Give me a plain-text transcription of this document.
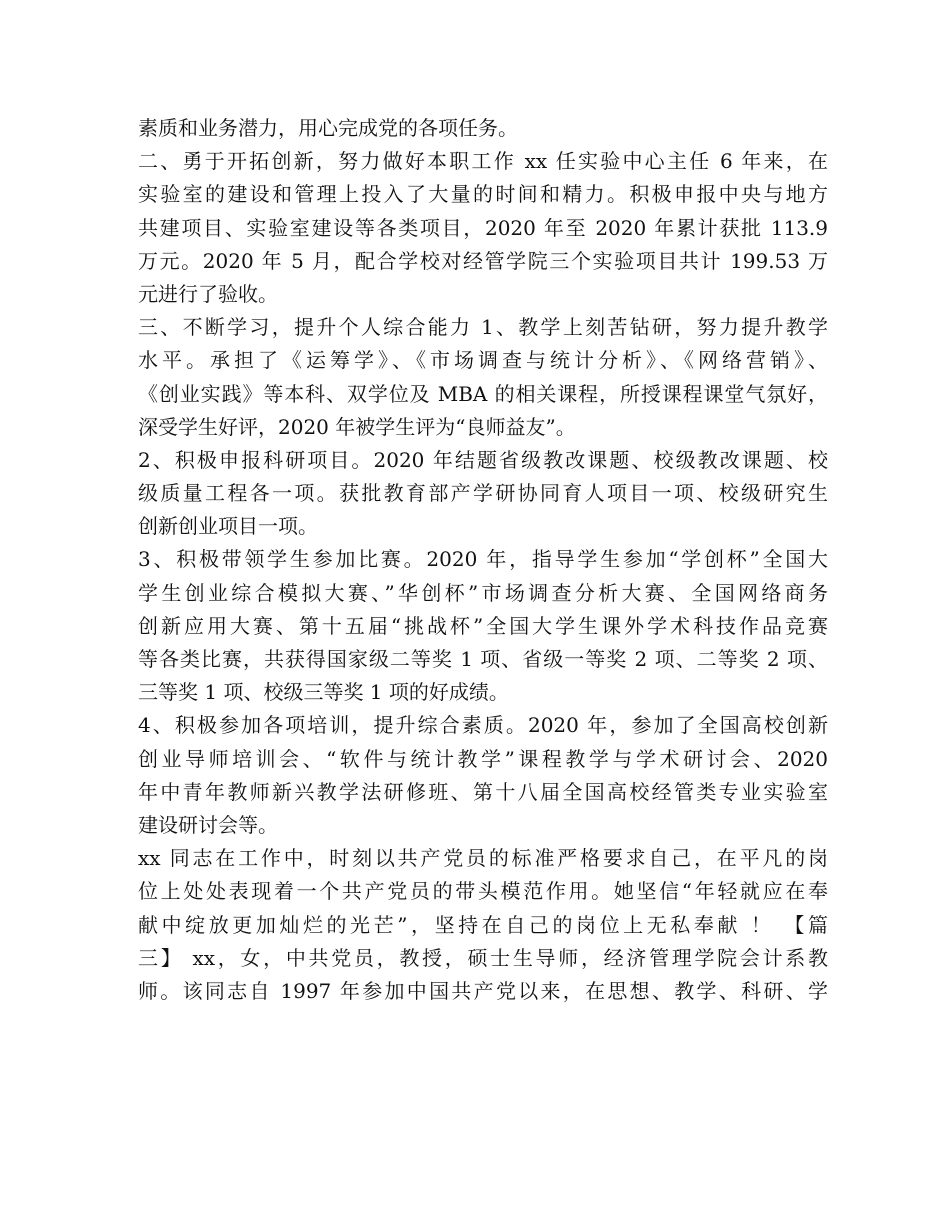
素质和业务潜力，用心完成党的各项任务。
二、勇于开拓创新，努力做好本职工作 xx 任实验中心主任 6 年来，在
实验室的建设和管理上投入了大量的时间和精力。积极申报中央与地方
共建项目、实验室建设等各类项目，2020 年至 2020 年累计获批 113.9
万元。2020 年 5 月，配合学校对经管学院三个实验项目共计 199.53 万
元进行了验收。
三、不断学习，提升个人综合能力 1、教学上刻苦钻研，努力提升教学
水平。承担了《运筹学》、《市场调查与统计分析》、《网络营销》、
《创业实践》等本科、双学位及 MBA 的相关课程，所授课程课堂气氛好，
深受学生好评，2020 年被学生评为“良师益友”。
2、积极申报科研项目。2020 年结题省级教改课题、校级教改课题、校
级质量工程各一项。获批教育部产学研协同育人项目一项、校级研究生
创新创业项目一项。
3、积极带领学生参加比赛。2020 年，指导学生参加“学创杯”全国大
学生创业综合模拟大赛、”华创杯”市场调查分析大赛、全国网络商务
创新应用大赛、第十五届“挑战杯”全国大学生课外学术科技作品竞赛
等各类比赛，共获得国家级二等奖 1 项、省级一等奖 2 项、二等奖 2 项、
三等奖 1 项、校级三等奖 1 项的好成绩。
4、积极参加各项培训，提升综合素质。2020 年，参加了全国高校创新
创业导师培训会、“软件与统计教学”课程教学与学术研讨会、2020
年中青年教师新兴教学法研修班、第十八届全国高校经管类专业实验室
建设研讨会等。
xx 同志在工作中，时刻以共产党员的标准严格要求自己，在平凡的岗
位上处处表现着一个共产党员的带头模范作用。她坚信“年轻就应在奉
献中绽放更加灿烂的光芒”，坚持在自己的岗位上无私奉献 ！ 【篇
三】 xx，女，中共党员，教授，硕士生导师，经济管理学院会计系教
师。该同志自 1997 年参加中国共产党以来，在思想、教学、科研、学
